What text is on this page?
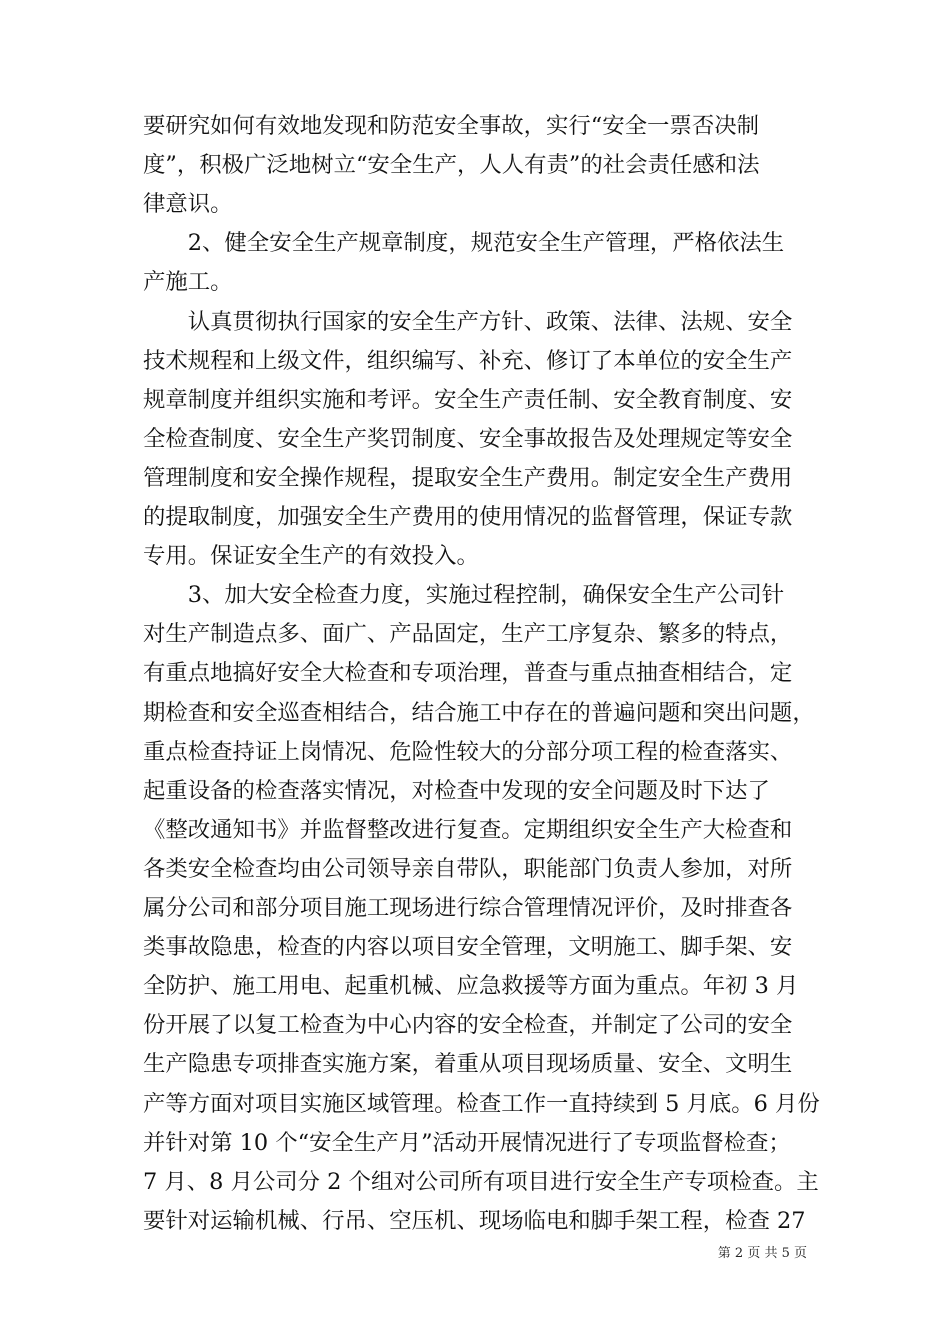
要研究如何有效地发现和防范安全事故，实行“安全一票否决制
度”，积极广泛地树立“安全生产，人人有责”的社会责任感和法
律意识。
　　2、健全安全生产规章制度，规范安全生产管理，严格依法生
产施工。
　　认真贯彻执行国家的安全生产方针、政策、法律、法规、安全
技术规程和上级文件，组织编写、补充、修订了本单位的安全生产
规章制度并组织实施和考评。安全生产责任制、安全教育制度、安
全检查制度、安全生产奖罚制度、安全事故报告及处理规定等安全
管理制度和安全操作规程，提取安全生产费用。制定安全生产费用
的提取制度，加强安全生产费用的使用情况的监督管理，保证专款
专用。保证安全生产的有效投入。
　　3、加大安全检查力度，实施过程控制，确保安全生产公司针
对生产制造点多、面广、产品固定，生产工序复杂、繁多的特点，
有重点地搞好安全大检查和专项治理，普查与重点抽查相结合，定
期检查和安全巡查相结合，结合施工中存在的普遍问题和突出问题，
重点检查持证上岗情况、危险性较大的分部分项工程的检查落实、
起重设备的检查落实情况，对检查中发现的安全问题及时下达了
《整改通知书》并监督整改进行复查。定期组织安全生产大检查和
各类安全检查均由公司领导亲自带队，职能部门负责人参加，对所
属分公司和部分项目施工现场进行综合管理情况评价，及时排查各
类事故隐患，检查的内容以项目安全管理，文明施工、脚手架、安
全防护、施工用电、起重机械、应急救援等方面为重点。年初 3 月
份开展了以复工检查为中心内容的安全检查，并制定了公司的安全
生产隐患专项排查实施方案，着重从项目现场质量、安全、文明生
产等方面对项目实施区域管理。检查工作一直持续到 5 月底。6 月份
并针对第 10 个“安全生产月”活动开展情况进行了专项监督检查；
7 月、8 月公司分 2 个组对公司所有项目进行安全生产专项检查。主
要针对运输机械、行吊、空压机、现场临电和脚手架工程，检查 27
第 2 页 共 5 页
